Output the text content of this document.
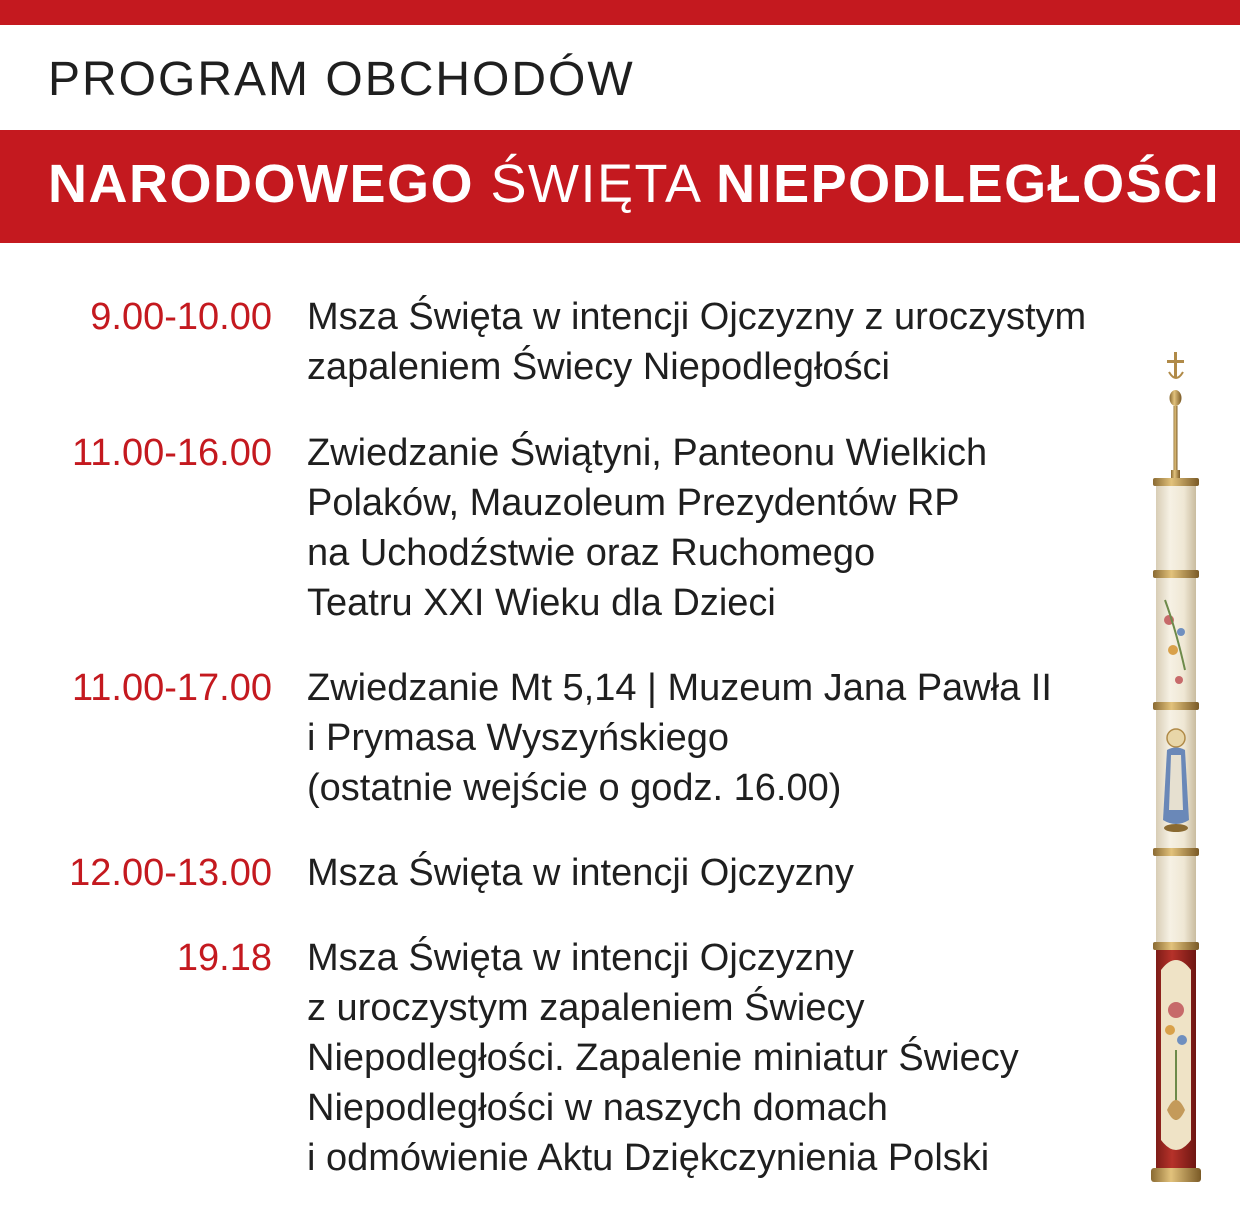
PROGRAM OBCHODÓW
NARODOWEGO ŚWIĘTA NIEPODLEGŁOŚCI
9.00-10.00 Msza Święta w intencji Ojczyzny z uroczystym
zapaleniem Świecy Niepodległości
11.00-16.00 Zwiedzanie Świątyni, Panteonu Wielkich
Polaków, Mauzoleum Prezydentów RP
na Uchodźstwie oraz Ruchomego
Teatru XXI Wieku dla Dzieci
11.00-17.00 Zwiedzanie Mt 5,14 | Muzeum Jana Pawła II
i Prymasa Wyszyńskiego
(ostatnie wejście o godz. 16.00)
12.00-13.00 Msza Święta w intencji Ojczyzny
19.18 Msza Święta w intencji Ojczyzny
z uroczystym zapaleniem Świecy
Niepodległości. Zapalenie miniatur Świecy
Niepodległości w naszych domach
i odmówienie Aktu Dziękczynienia Polski
